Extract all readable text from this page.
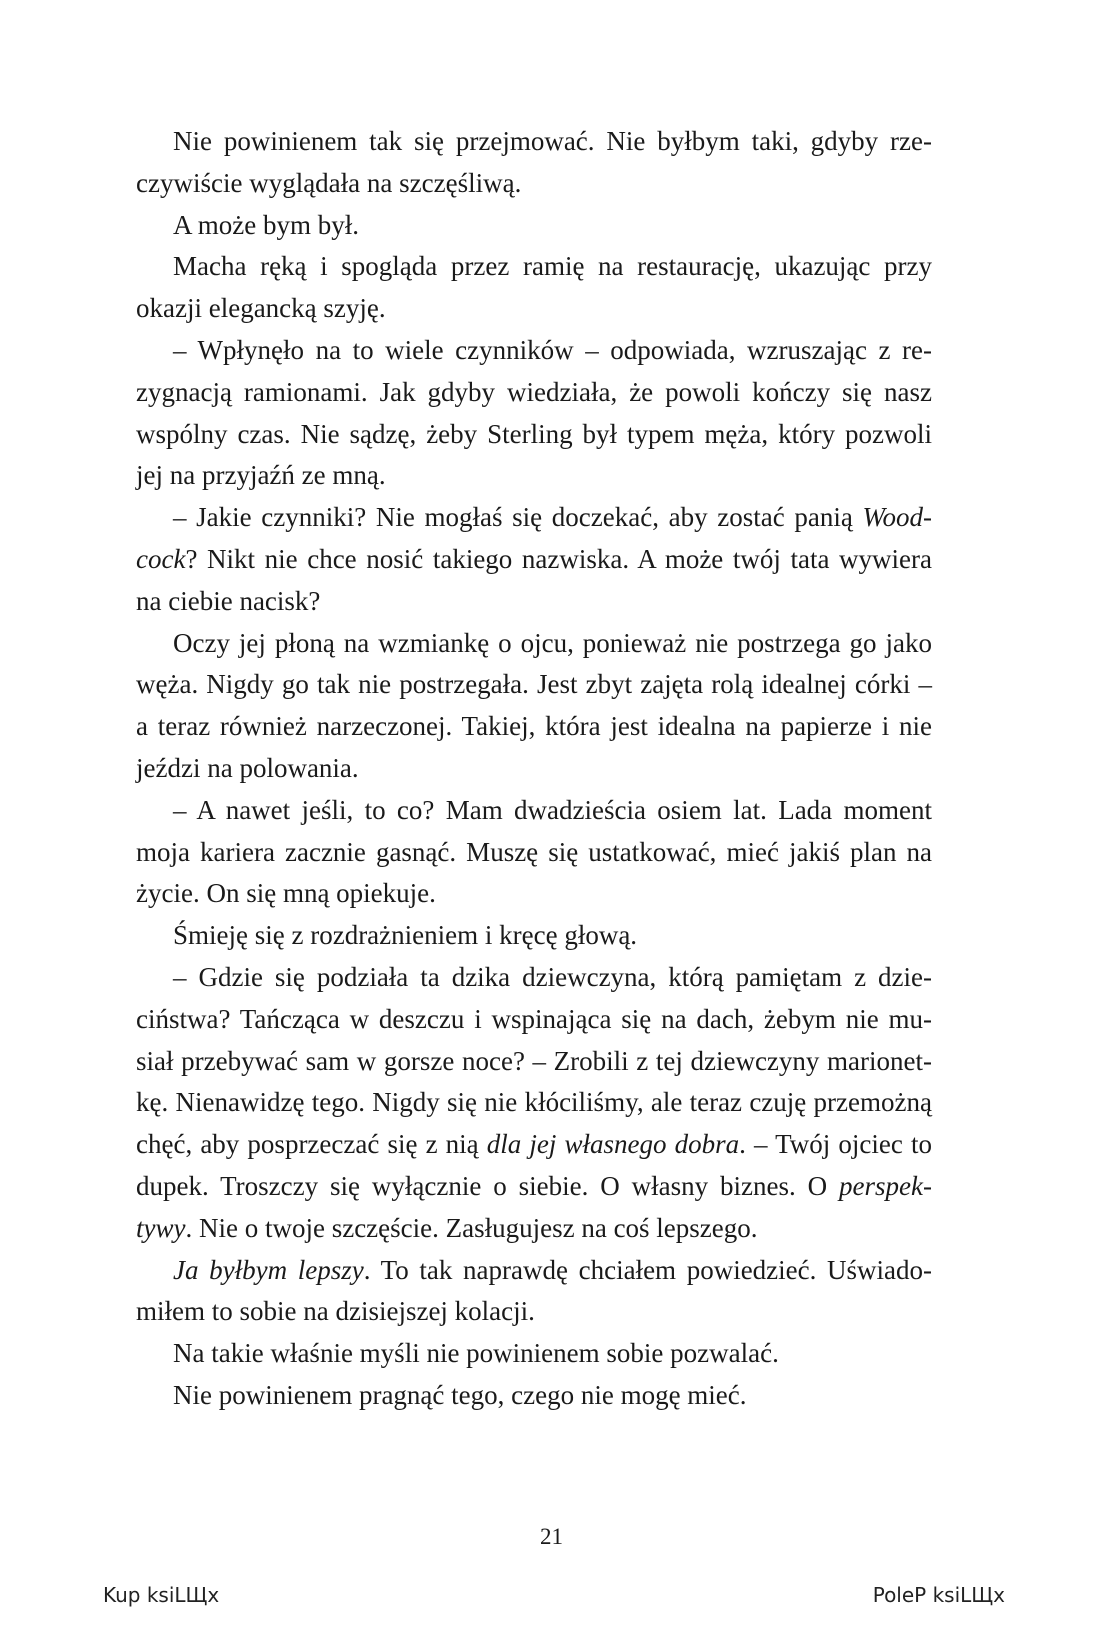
Nie powinienem tak się przejmować. Nie byłbym taki, gdyby rze-czywiście wyglądała na szczęśliwą.

A może bym był.

Macha ręką i spogląda przez ramię na restaurację, ukazując przy okazji elegancką szyję.

– Wpłynęło na to wiele czynników – odpowiada, wzruszając z re-zygnacją ramionami. Jak gdyby wiedziała, że powoli kończy się nasz wspólny czas. Nie sądzę, żeby Sterling był typem męża, który pozwoli jej na przyjaźń ze mną.

– Jakie czynniki? Nie mogłaś się doczekać, aby zostać panią Wood-cock? Nikt nie chce nosić takiego nazwiska. A może twój tata wywiera na ciebie nacisk?

Oczy jej płoną na wzmiankę o ojcu, ponieważ nie postrzega go jako węża. Nigdy go tak nie postrzegała. Jest zbyt zajęta rolą idealnej córki – a teraz również narzeczonej. Takiej, która jest idealna na papierze i nie jeździ na polowania.

– A nawet jeśli, to co? Mam dwadzieścia osiem lat. Lada moment moja kariera zacznie gasnąć. Muszę się ustatkować, mieć jakiś plan na życie. On się mną opiekuje.

Śmieję się z rozdrażnieniem i kręcę głową.

– Gdzie się podziała ta dzika dziewczyna, którą pamiętam z dzie-ciństwa? Tańcząca w deszczu i wspinająca się na dach, żebym nie mu-siał przebywać sam w gorsze noce? – Zrobili z tej dziewczyny marionet-kę. Nienawidzę tego. Nigdy się nie kłóciliśmy, ale teraz czuję przemożną chęć, aby posprzeczać się z nią dla jej własnego dobra. – Twój ojciec to dupek. Troszczy się wyłącznie o siebie. O własny biznes. O perspek-tywy. Nie o twoje szczęście. Zasługujesz na coś lepszego.

Ja byłbym lepszy. To tak naprawdę chciałem powiedzieć. Uświado-miłem to sobie na dzisiejszej kolacji.

Na takie właśnie myśli nie powinienem sobie pozwalać.

Nie powinienem pragnąć tego, czego nie mogę mieć.

21
Kup ksiLЩx	PoleP ksiLЩx
